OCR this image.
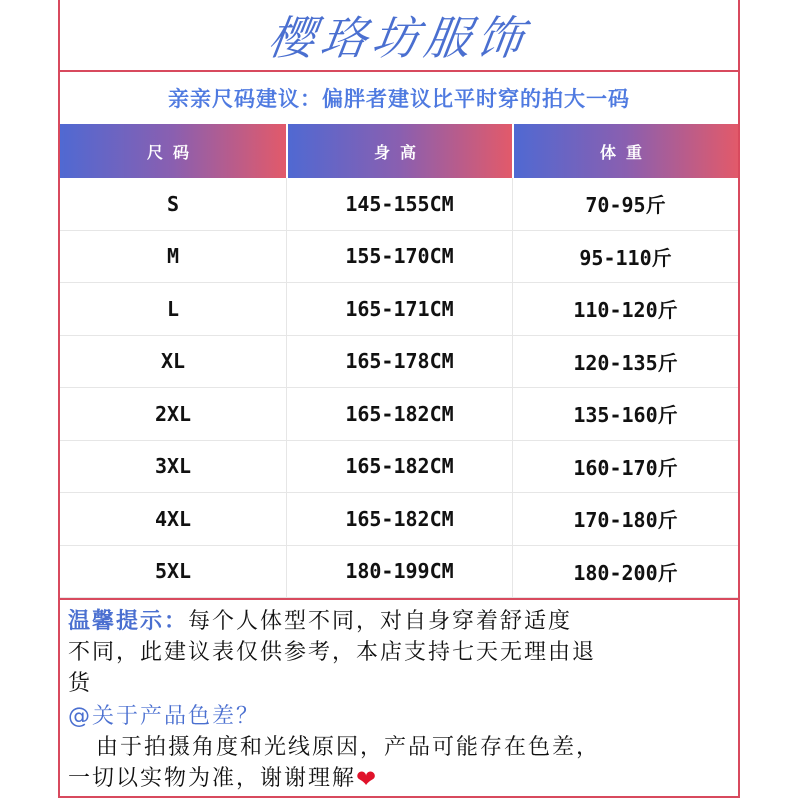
樱珞坊服饰
亲亲尺码建议：偏胖者建议比平时穿的拍大一码
尺码	身高	体重
S	145-155CM	70-95斤
M	155-170CM	95-110斤
L	165-171CM	110-120斤
XL	165-178CM	120-135斤
2XL	165-182CM	135-160斤
3XL	165-182CM	160-170斤
4XL	165-182CM	170-180斤
5XL	180-199CM	180-200斤

温馨提示：每个人体型不同，对自身穿着舒适度

不同，此建议表仅供参考，本店支持七天无理由退

货

@关于产品色差？

由于拍摄角度和光线原因，产品可能存在色差，

一切以实物为准，谢谢理解❤
